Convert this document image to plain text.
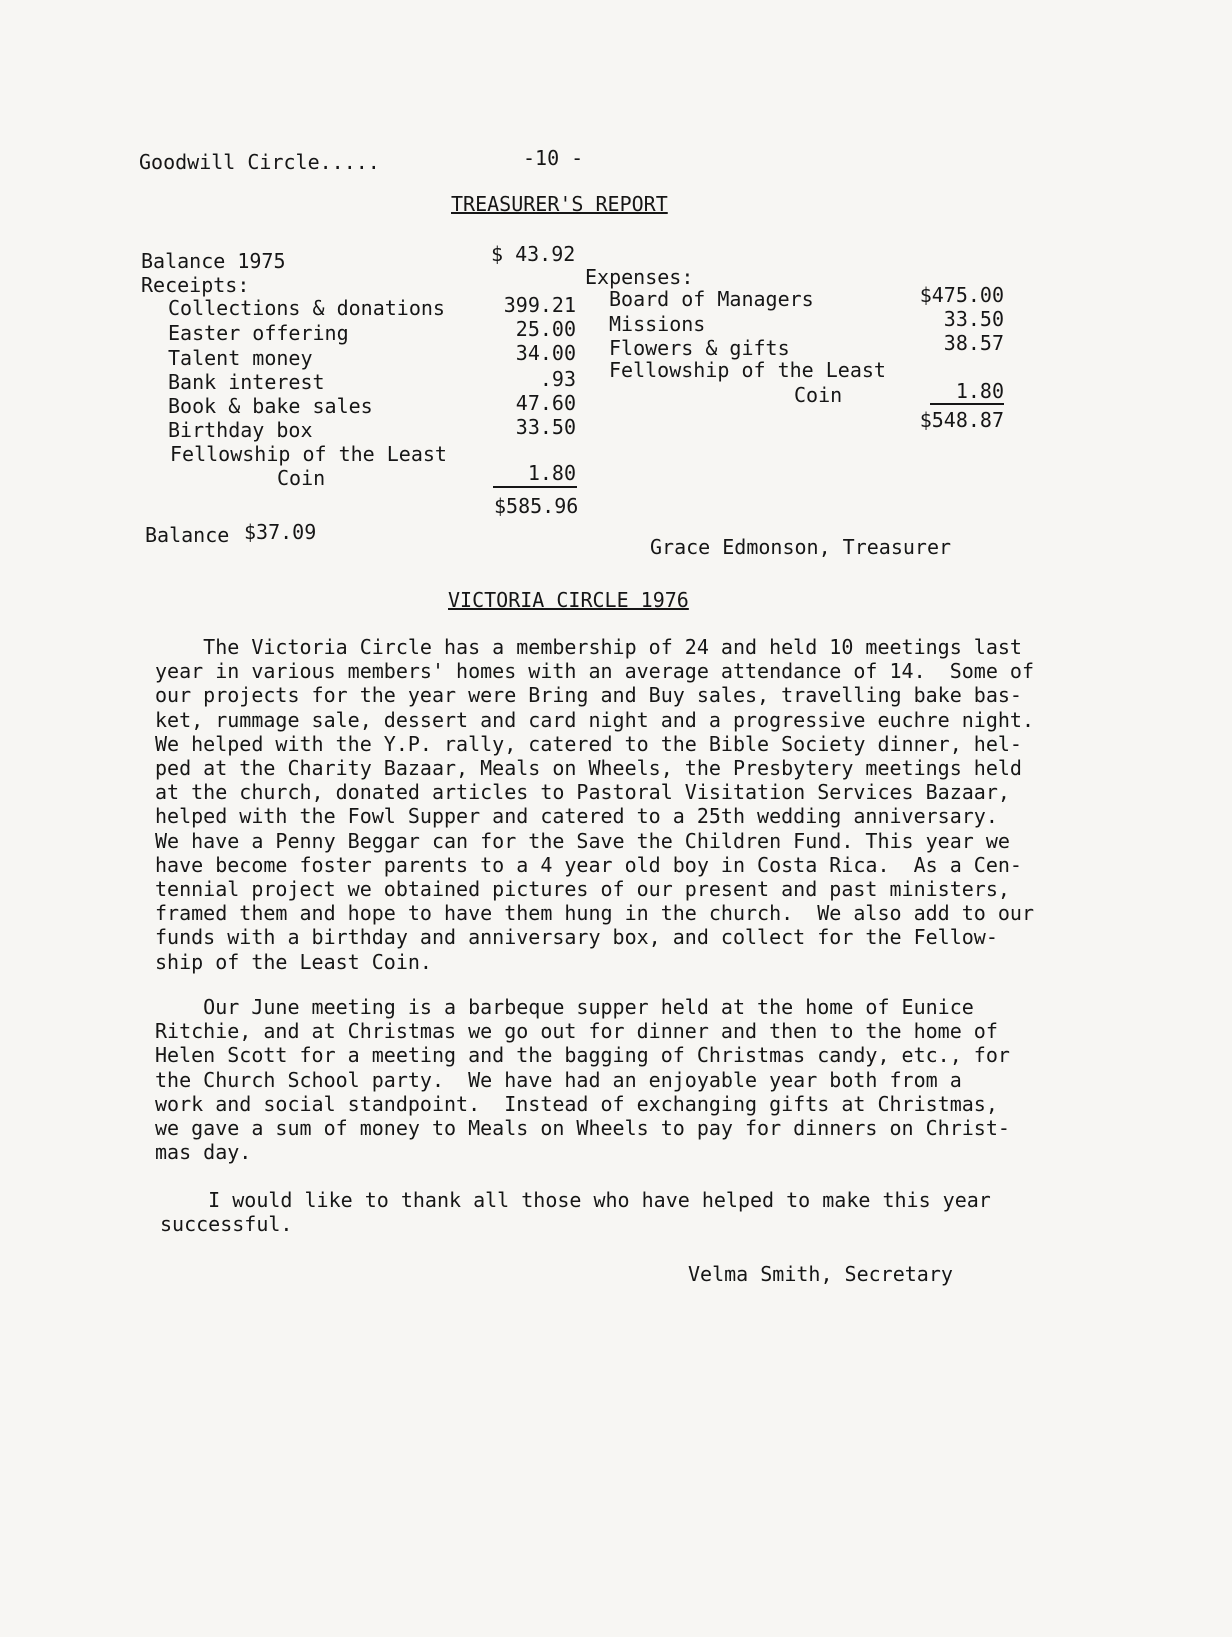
Goodwill Circle.....	-10 -
TREASURER'S REPORT
Balance 1975	$ 43.92
Receipts:
Collections & donations	399.21
Easter offering	25.00
Talent money	34.00
Bank interest	.93
Book & bake sales	47.60
Birthday box	33.50
Fellowship of the Least
Coin	1.80
$585.96
Expenses:
Board of Managers	$475.00
Missions	33.50
Flowers & gifts	38.57
Fellowship of the Least
Coin	1.80
$548.87
Balance $37.09
Grace Edmonson, Treasurer
VICTORIA CIRCLE 1976
The Victoria Circle has a membership of 24 and held 10 meetings last
year in various members' homes with an average attendance of 14.  Some of
our projects for the year were Bring and Buy sales, travelling bake bas-
ket, rummage sale, dessert and card night and a progressive euchre night.
We helped with the Y.P. rally, catered to the Bible Society dinner, hel-
ped at the Charity Bazaar, Meals on Wheels, the Presbytery meetings held
at the church, donated articles to Pastoral Visitation Services Bazaar,
helped with the Fowl Supper and catered to a 25th wedding anniversary.
We have a Penny Beggar can for the Save the Children Fund. This year we
have become foster parents to a 4 year old boy in Costa Rica.  As a Cen-
tennial project we obtained pictures of our present and past ministers,
framed them and hope to have them hung in the church.  We also add to our
funds with a birthday and anniversary box, and collect for the Fellow-
ship of the Least Coin.
Our June meeting is a barbeque supper held at the home of Eunice
Ritchie, and at Christmas we go out for dinner and then to the home of
Helen Scott for a meeting and the bagging of Christmas candy, etc., for
the Church School party.  We have had an enjoyable year both from a
work and social standpoint.  Instead of exchanging gifts at Christmas,
we gave a sum of money to Meals on Wheels to pay for dinners on Christ-
mas day.
I would like to thank all those who have helped to make this year
successful.
Velma Smith, Secretary
